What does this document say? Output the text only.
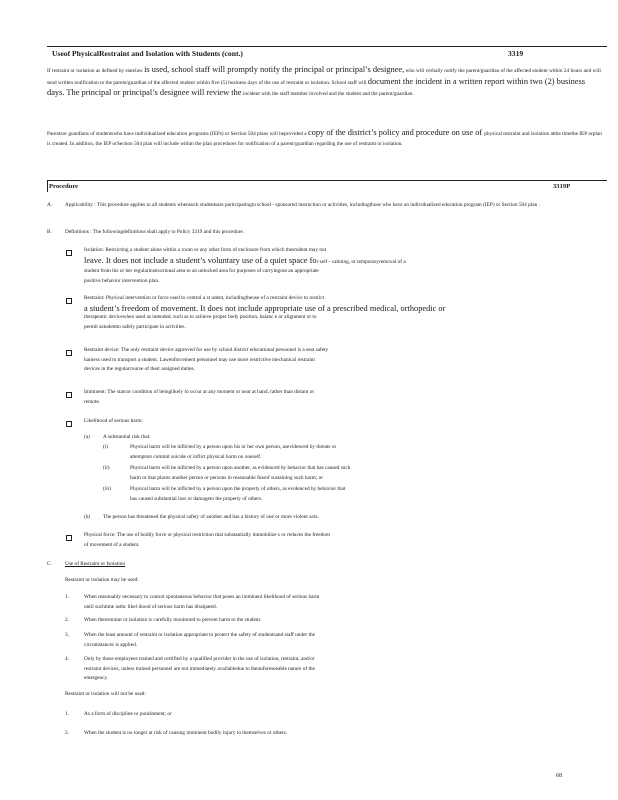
Useof PhysicalRestraint and Isolation with Students (cont.)	3319
If restraint or isolation as defined by statelaw is used, school staff will promptly notify the principal or principal’s designee, who will verbally notify the parent/guardian of the affected student within 24 hours and will send written notification to the parent/guardian of the affected student within five (5) business days of the use of restraint or isolation. School staff will document the incident in a written report within two (2) business days. The principal or principal’s designee will review the incident with the staff member involved and the student and the parent/guardian.
Parentsor guardians of studentswho have individualized education programs (IEPs) or Section 504 plans will beprovided a copy of the district’s policy and procedure on use of physical restraint and isolation atthe timethe IEP orplan is created. In addition, the IEP orSection 504 plan will include within the plan procedures for notification of a parent/guardian regarding the use of restraint or isolation.
Procedure	3319P
A. Applicability : This procedure applies to all students whensuch studentsare participatingin school - sponsored instruction or activities, includingthose who have an individualized education program (IEP) or Section 504 plan .
B. Definitions : The followingdefinitions shall apply to Policy 3319 and this procedure.
Isolation: Restricting a student alone within a room or any other form of enclosure from which thestudent may not
leave. It does not include a student’s voluntary use of a quiet space for self - calming, or temporaryremoval of a
student from his or her regularinstructional area to an unlocked area for purposes of carryingout an appropriate
positive behavior intervention plan.
Restraint: Physical intervention or force used to control a st udent, includingtheuse of a restraint device to restrict
a student’s freedom of movement. It does not include appropriate use of a prescribed medical, orthopedic or
therapeutic devicewhen used as intended, such as to achieve proper body position, balanc e or alignment or to
permit astudentto safely participate in activities.
Restraint device: The only restraint device approved for use by school district educational personnel is a seat safety
harness used to transport a student. Lawenforcement personnel may use more restrictive mechanical restraint
devices in the regularcourse of their assigned duties.
Imminent: The statcor condition of beinglikely to occur at any moment or near at hand, rather than distant or
remote.
Likelihood of serious harm:
(a) A substantial risk that:
(i)	Physical harm will be inflicted by a person upon his or her own person, asevidenced by threats or
attemptsto commit suicide or inflict physical harm on oneself.
(ii)	Physical harm will be inflicted by a person upon another, as evidenced by behavior that has caused such
harm or that places another person or persons in reasonable fearof sustaining such harm; or
(iii)	Physical harm will be inflicted by a person upon the property of others, as evidenced by behavior that
has caused substantial loss or damageto the property of others.
(b) The person has threatened the physical safety of another and has a history of one or more violent acts.
Physical force: The use of bodily force or physical restriction that substantially immobilize s or reduces the freedom
of movement of a student.
C. Use of Restraint or Isolation
Restraint or isolation may be used:
1.	When reasonably necessary to control spontaneous behavior that poses an imminent likelihood of serious harm
until suchtime asthc likel ihood of serious harm has dissipated.
2.	When therestraint or isolation is carefully monitored to prevent harm to the student.
3.	When the least amount of restraint or isolation appropriate to protect the safety of studentsand staff under the
circumstances is applied.
4.	Only by those employees trained and certified by a qualified provider in the use of isolation, restraint, and/or
restraint devices, unless trained personnel are not immediately availabledue to theunforeseeable nature of the
emergency.
Restraint or isolation will not be used:
1.	As a form of discipline or punishment; or
2.	When the student is no longer at risk of causing imminent bodily injury to themselves or others.
68
